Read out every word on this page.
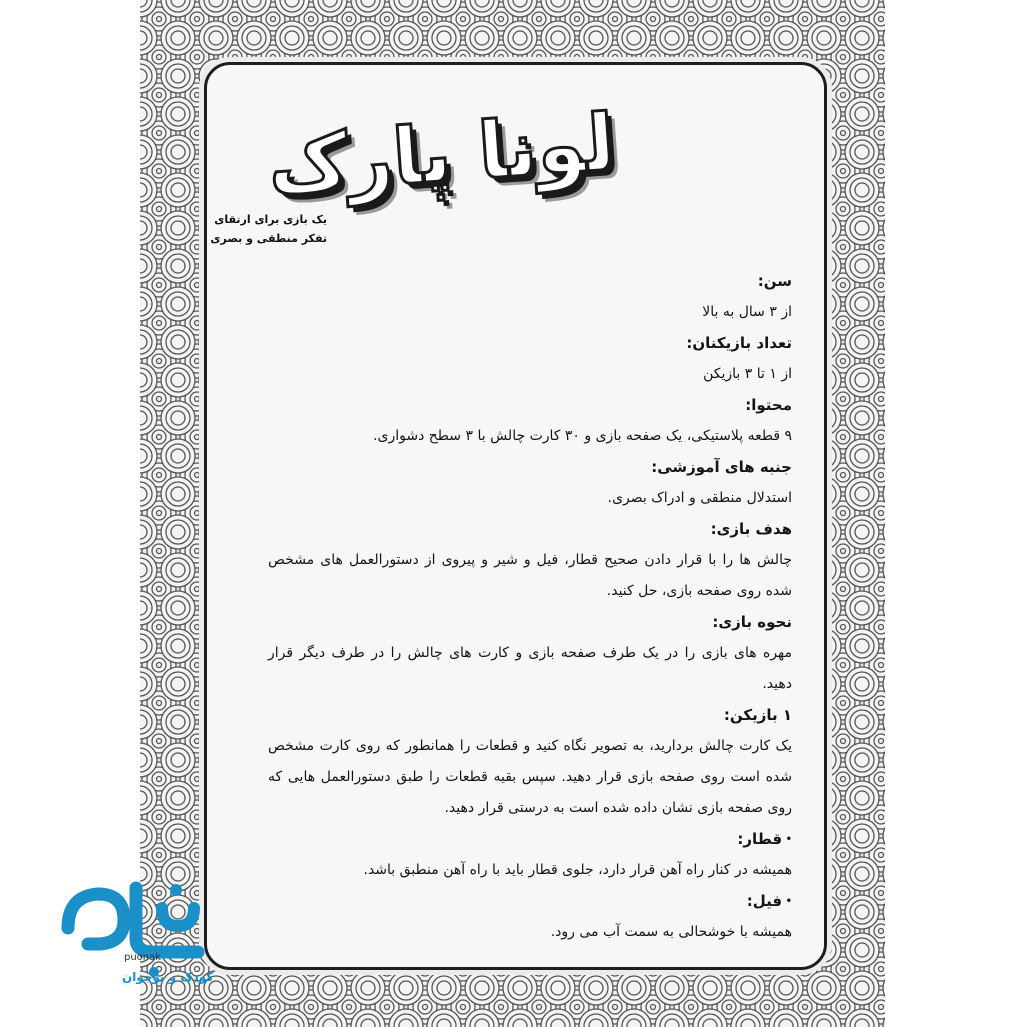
لونا پارک
یک بازی برای ارتقای
تفکر منطقی و بصری
سن:
از ۳ سال به بالا
تعداد بازیکنان:
از ۱ تا ۳ بازیکن
محتوا:
۹ قطعه پلاستیکی، یک صفحه بازی و ۳۰ کارت چالش با ۳ سطح دشواری.
جنبه های آموزشی:
استدلال منطقی و ادراک بصری.
هدف بازی:
چالش ها را با قرار دادن صحیح قطار، فیل و شیر و پیروی از دستورالعمل های مشخص شده روی صفحه بازی، حل کنید.
نحوه بازی:
مهره های بازی را در یک طرف صفحه بازی و کارت های چالش را در طرف دیگر قرار دهید.
۱ بازیکن:
یک کارت چالش بردارید، به تصویر نگاه کنید و قطعات را همانطور که روی کارت مشخص شده است روی صفحه بازی قرار دهید. سپس بقیه قطعات را طبق دستورالعمل هایی که روی صفحه بازی نشان داده شده است به درستی قرار دهید.
• قطار:
همیشه در کنار راه آهن قرار دارد، جلوی قطار باید با راه آهن منطبق باشد.
• فیل:
همیشه با خوشحالی به سمت آب می رود.
puonak
کودک و نوجوان
